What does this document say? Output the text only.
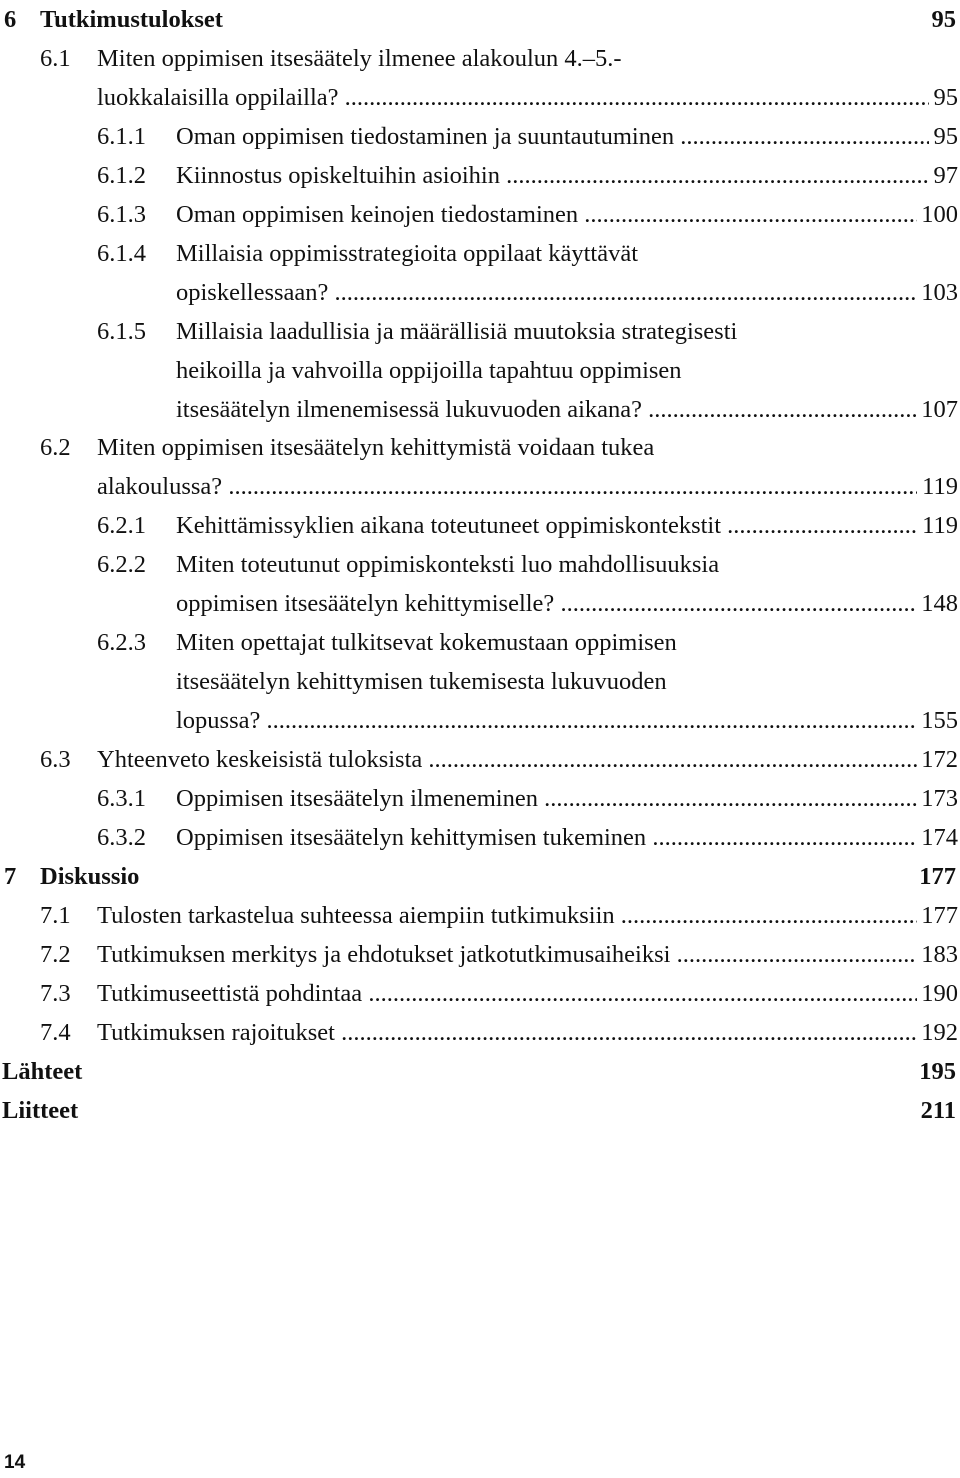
6 Tutkimustulokset	95
6.1 Miten oppimisen itsesäätely ilmenee alakoulun 4.‒5.-
luokkalaisilla oppilailla? .....	95
6.1.1 Oman oppimisen tiedostaminen ja suuntautuminen .....	95
6.1.2 Kiinnostus opiskeltuihin asioihin .....	97
6.1.3 Oman oppimisen keinojen tiedostaminen .....	100
6.1.4 Millaisia oppimisstrategioita oppilaat käyttävät
opiskellessaan? .....	103
6.1.5 Millaisia laadullisia ja määrällisiä muutoksia strategisesti
heikoilla ja vahvoilla oppijoilla tapahtuu oppimisen
itsesäätelyn ilmenemisessä lukuvuoden aikana? .....	107
6.2 Miten oppimisen itsesäätelyn kehittymistä voidaan tukea
alakoulussa? .....	119
6.2.1 Kehittämissyklien aikana toteutuneet oppimiskontekstit .....	119
6.2.2 Miten toteutunut oppimiskonteksti luo mahdollisuuksia
oppimisen itsesäätelyn kehittymiselle? .....	148
6.2.3 Miten opettajat tulkitsevat kokemustaan oppimisen
itsesäätelyn kehittymisen tukemisesta lukuvuoden
lopussa? .....	155
6.3 Yhteenveto keskeisistä tuloksista .....	172
6.3.1 Oppimisen itsesäätelyn ilmeneminen .....	173
6.3.2 Oppimisen itsesäätelyn kehittymisen tukeminen .....	174
7 Diskussio	177
7.1 Tulosten tarkastelua suhteessa aiempiin tutkimuksiin .....	177
7.2 Tutkimuksen merkitys ja ehdotukset jatkotutkimusaiheiksi .....	183
7.3 Tutkimuseettistä pohdintaa .....	190
7.4 Tutkimuksen rajoitukset .....	192
Lähteet	195
Liitteet	211
14
